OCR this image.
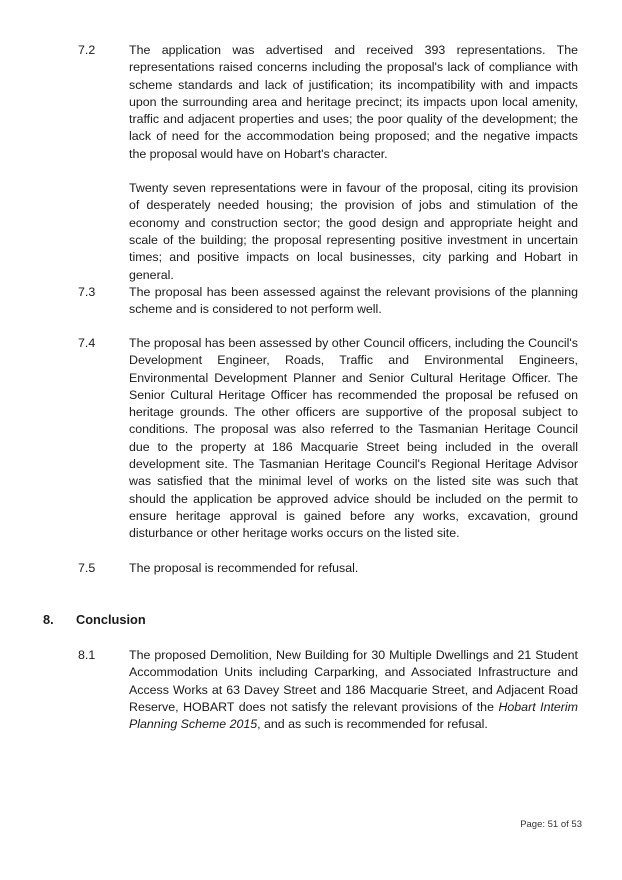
7.2	The application was advertised and received 393 representations. The representations raised concerns including the proposal's lack of compliance with scheme standards and lack of justification; its incompatibility with and impacts upon the surrounding area and heritage precinct; its impacts upon local amenity, traffic and adjacent properties and uses; the poor quality of the development; the lack of need for the accommodation being proposed; and the negative impacts the proposal would have on Hobart's character.

Twenty seven representations were in favour of the proposal, citing its provision of desperately needed housing; the provision of jobs and stimulation of the economy and construction sector; the good design and appropriate height and scale of the building; the proposal representing positive investment in uncertain times; and positive impacts on local businesses, city parking and Hobart in general.

7.3	The proposal has been assessed against the relevant provisions of the planning scheme and is considered to not perform well.

7.4	The proposal has been assessed by other Council officers, including the Council's Development Engineer, Roads, Traffic and Environmental Engineers, Environmental Development Planner and Senior Cultural Heritage Officer. The Senior Cultural Heritage Officer has recommended the proposal be refused on heritage grounds. The other officers are supportive of the proposal subject to conditions. The proposal was also referred to the Tasmanian Heritage Council due to the property at 186 Macquarie Street being included in the overall development site. The Tasmanian Heritage Council's Regional Heritage Advisor was satisfied that the minimal level of works on the listed site was such that should the application be approved advice should be included on the permit to ensure heritage approval is gained before any works, excavation, ground disturbance or other heritage works occurs on the listed site.

7.5	The proposal is recommended for refusal.

8. Conclusion
8.1	The proposed Demolition, New Building for 30 Multiple Dwellings and 21 Student Accommodation Units including Carparking, and Associated Infrastructure and Access Works at 63 Davey Street and 186 Macquarie Street, and Adjacent Road Reserve, HOBART does not satisfy the relevant provisions of the Hobart Interim Planning Scheme 2015, and as such is recommended for refusal.

Page: 51 of 53
